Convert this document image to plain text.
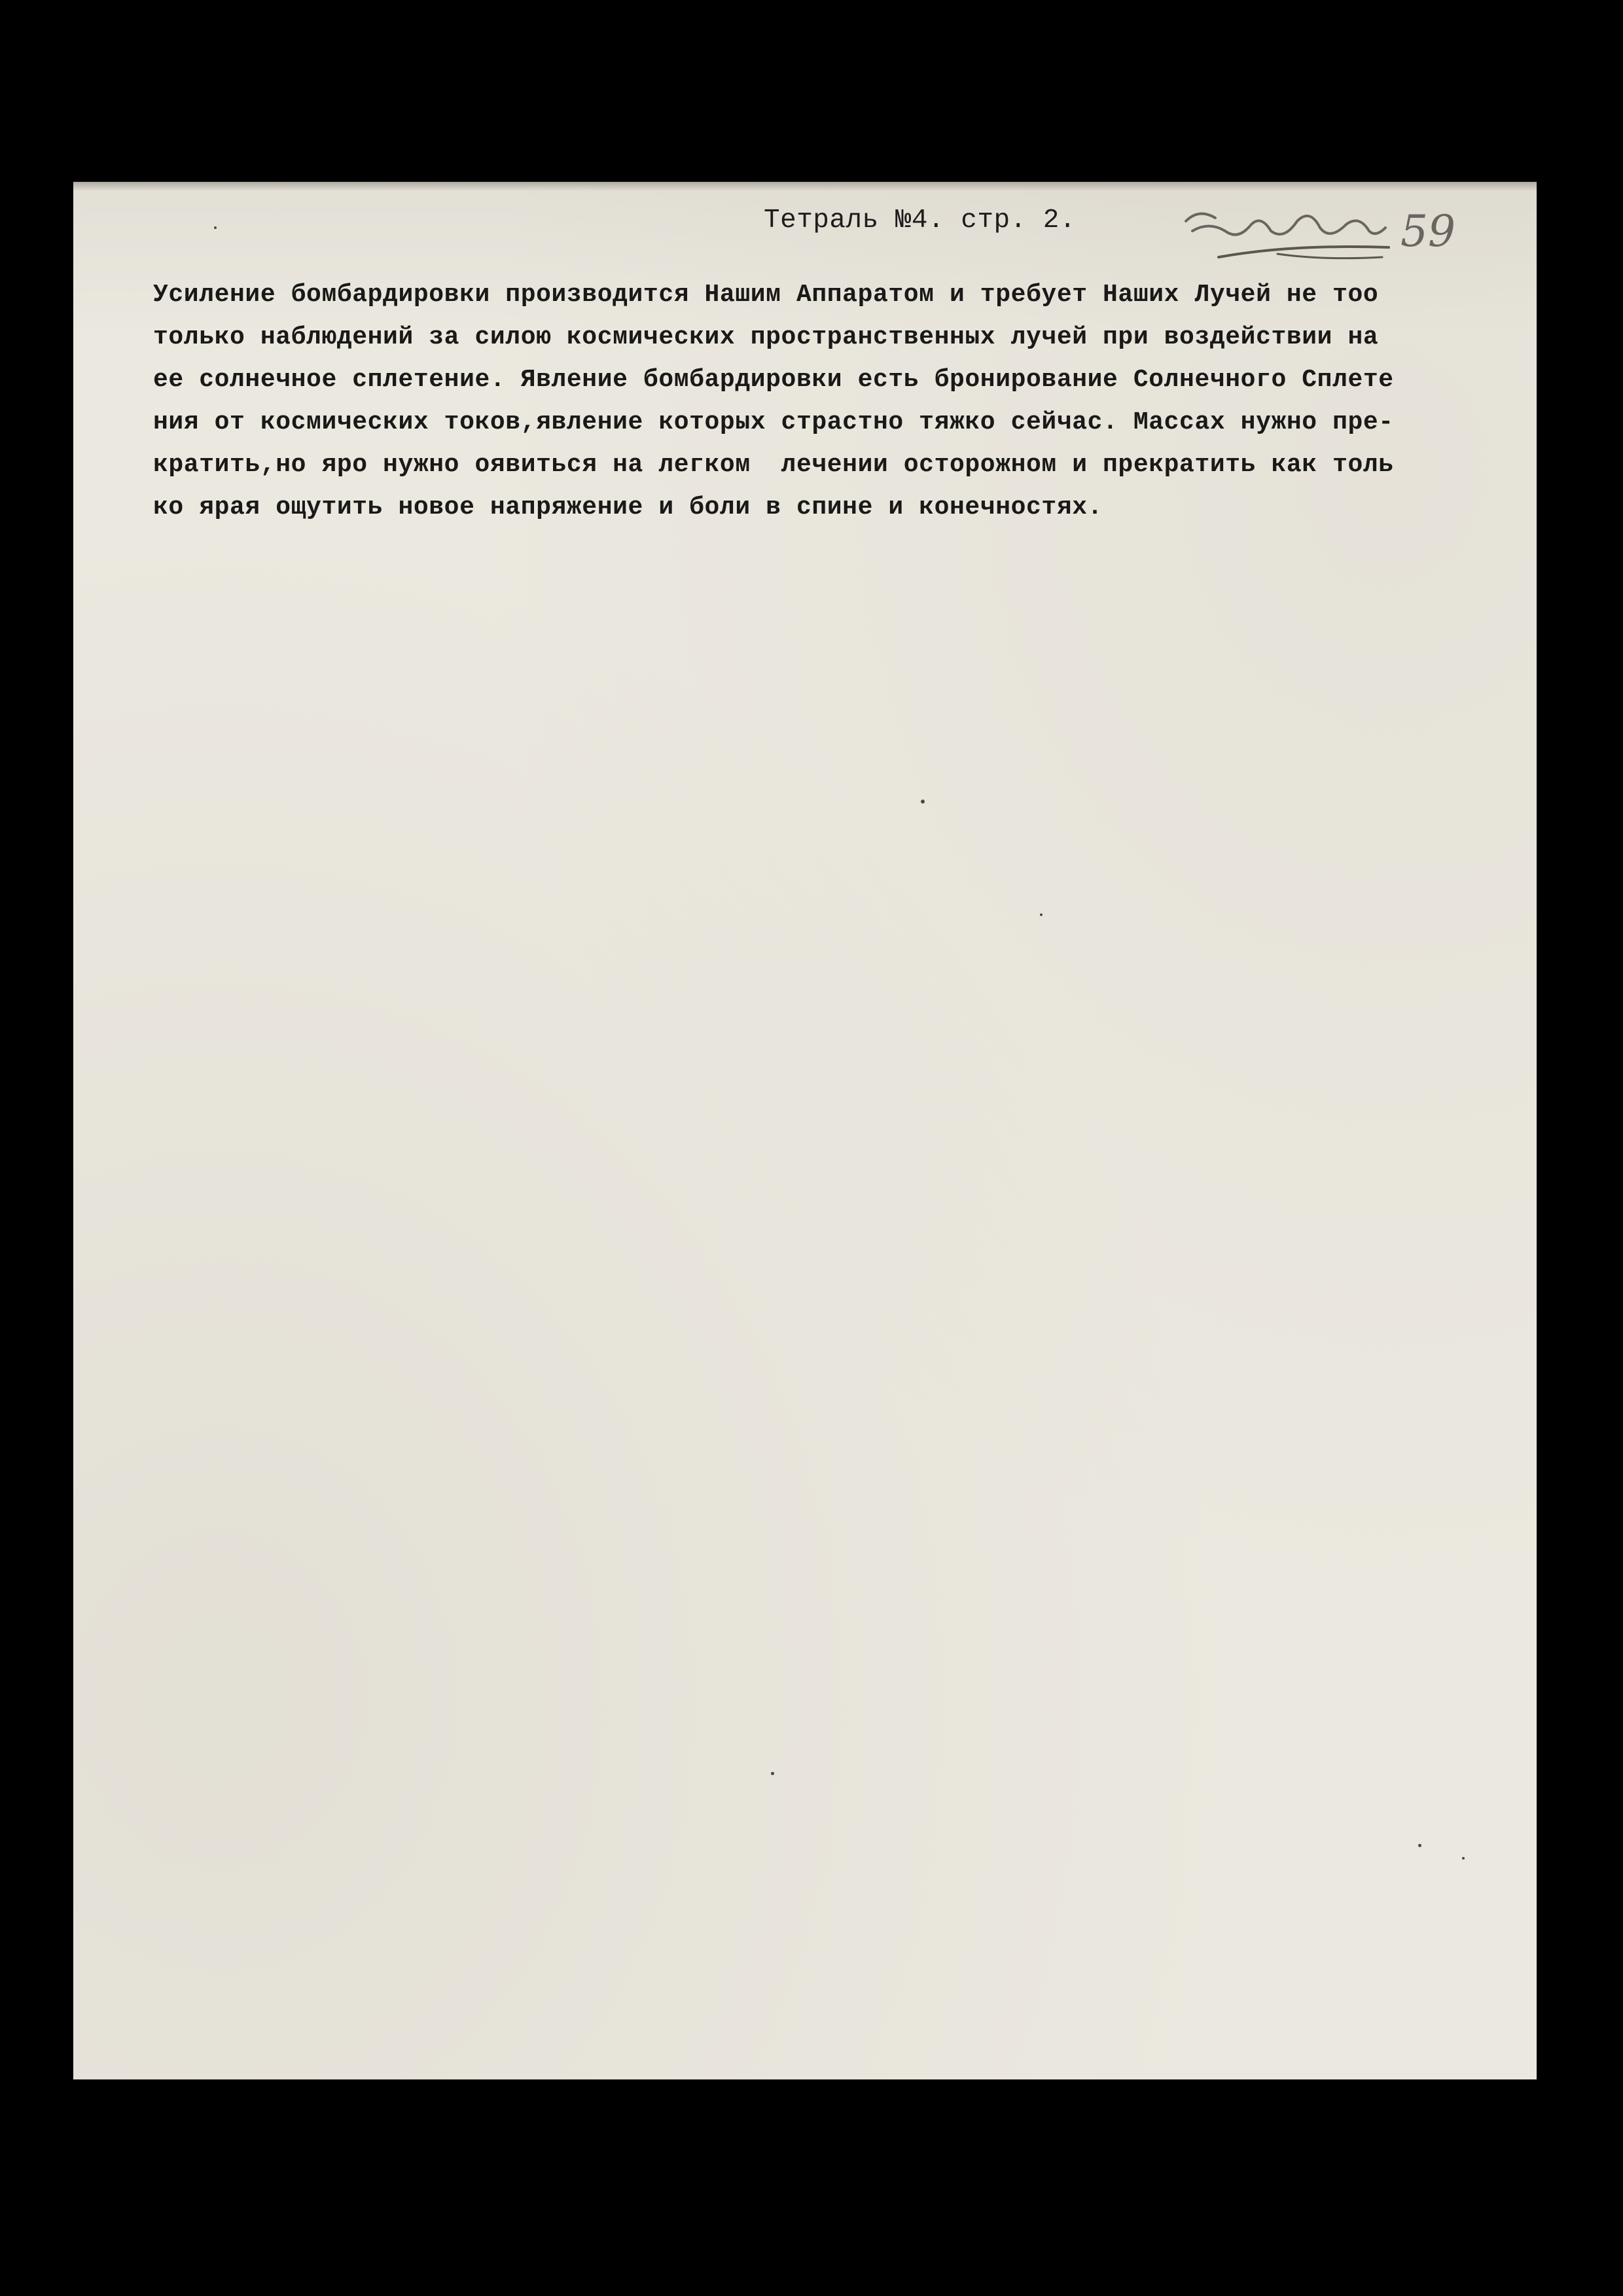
Тетраль №4. стр. 2.	59
Усиление бомбардировки производится Нашим Аппаратом и требует Наших Лучей не тоо
только наблюдений за силою космических пространственных лучей при воздействии на
ее солнечное сплетение. Явление бомбардировки есть бронирование Солнечного Сплете
ния от космических токов,явление которых страстно тяжко сейчас. Массах нужно пре-
кратить,но яро нужно оявиться на легком  лечении осторожном и прекратить как толь
ко ярая ощутить новое напряжение и боли в спине и конечностях.
